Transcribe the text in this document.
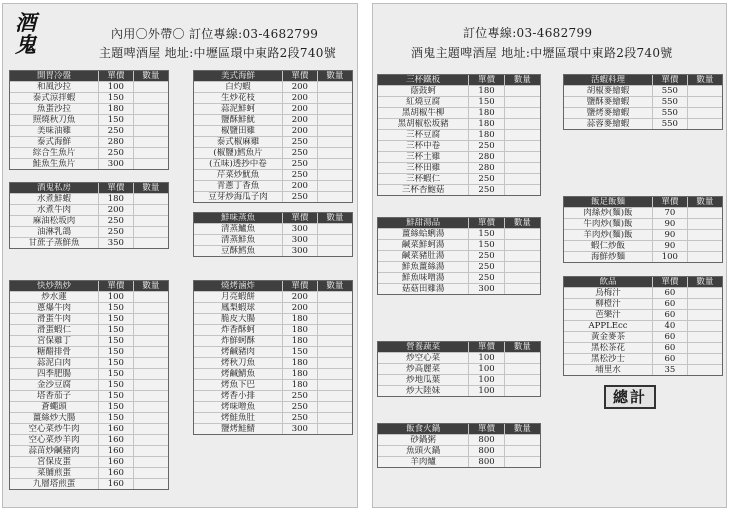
酒
鬼	內用〇外帶〇 訂位專線:03-4682799
主題啤酒屋 地址:中壢區環中東路2段740號
開胃冷盤	單價	數量
和風沙拉	100	
泰式涼拌蝦	150	
魚蛋沙拉	180	
照燒秋刀魚	150	
美味油雞	250	
泰式海鮮	280	
綜合生魚片	250	
鮭魚生魚片	300	
酒鬼私房	單價	數量
水煮鮮蝦	180	
水煮牛肉	200	
麻油松坂肉	250	
油淋乳鴿	250	
甘蔗子蒸鮮魚	350	
快炒熱炒	單價	數量
炒水蓮	100	
蔥爆牛肉	150	
滑蛋牛肉	150	
滑蛋蝦仁	150	
宮保雞丁	150	
糖醋排骨	150	
蒜泥白肉	150	
四季肥腸	150	
金沙豆腐	150	
塔香茄子	150	
蒼蠅頭	150	
薑絲炒大腸	150	
空心菜炒牛肉	160	
空心菜炒羊肉	160	
蒜苗炒鹹豬肉	160	
宮保皮蛋	160	
菜脯煎蛋	160	
九層塔煎蛋	160	
美式海鮮	單價	數量
白灼蝦	200	
生炒花枝	200	
蒜泥鮮蚵	200	
鹽酥鮮魷	200	
椒鹽田雞	200	
泰式椒麻雞	250	
(椒鹽)鱈魚片	250	
(五味)透抄中卷	250	
芹菜炒魷魚	250	
青蔥丁香魚	200	
豆芽炒海瓜子肉	250	
鮮味蒸魚	單價	數量
清蒸鱸魚	300	
清蒸鮮魚	300	
豆酥鱈魚	300	
燒烤滷炸	單價	數量
月亮蝦餅	200	
鳳梨蝦球	200	
脆皮大腸	180	
炸香酥蚵	180	
炸鮮蚵酥	180	
烤鹹豬肉	150	
烤秋刀魚	180	
烤鹹鯖魚	180	
烤魚下巴	180	
烤香小排	250	
烤味噌魚	250	
烤鮭魚肚	250	
鹽烤鮭鯖	300	
訂位專線:03-4682799
酒鬼主題啤酒屋 地址:中壢區環中東路2段740號
三杯鐵板	單價	數量
蔭鼓蚵	180	
紅燒豆腐	150	
黑胡椒牛柳	180	
黑胡椒松坂豬	180	
三杯豆腐	180	
三杯中卷	250	
三杯土雞	280	
三杯田雞	280	
三杯蝦仁	250	
三杯杏鮑菇	250	
鮮甜湯品	單價	數量
薑絲蛤蜊湯	150	
鹹菜鮮蚵湯	150	
鹹菜豬肚湯	250	
鮮魚薑絲湯	250	
鮮魚味噌湯	250	
菇菇田雞湯	300	
營養蔬菜	單價	數量
炒空心菜	100	
炒高麗菜	100	
炒地瓜葉	100	
炒大陸妹	100	
飯食火鍋	單價	數量
砂鍋粥	800	
魚頭火鍋	800	
羊肉爐	800	
活蝦料理	單價	數量
胡椒麥繪蝦	550	
鹽酥麥繪蝦	550	
鹽烤麥繪蝦	550	
蒜蓉麥繪蝦	550	
飯足飯麵	單價	數量
肉絲炒(麵)飯	70	
牛肉炒(麵)飯	90	
羊肉炒(麵)飯	90	
蝦仁炒飯	90	
海鮮炒麵	100	
飲品	單價	數量
烏梅汁	60	
柳橙汁	60	
芭樂汁	60	
APPLEcc	40	
黃金麥茶	60	
黑松茶花	60	
黑松沙士	60	
埔里水	35	
總計
